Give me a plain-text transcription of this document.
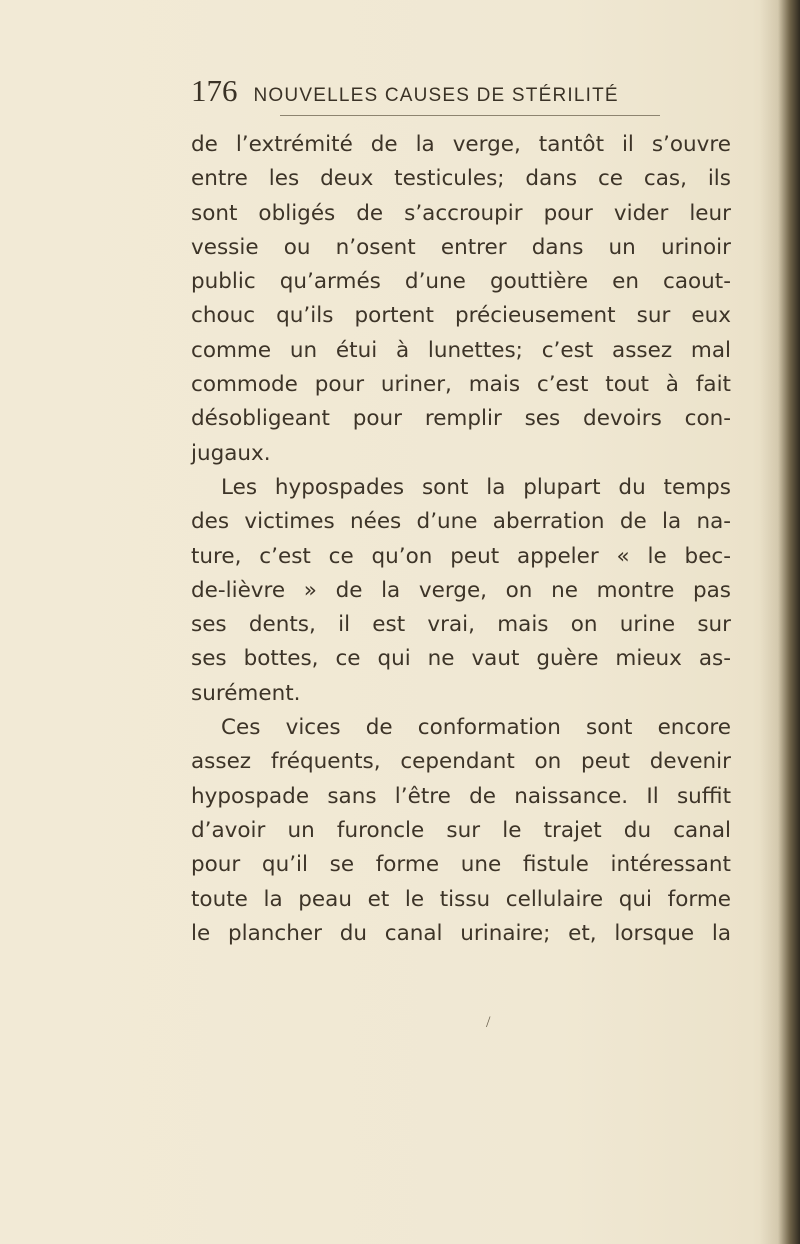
176 NOUVELLES CAUSES DE STÉRILITÉ
de l’extrémité de la verge, tantôt il s’ouvre
entre les deux testicules; dans ce cas, ils
sont obligés de s’accroupir pour vider leur
vessie ou n’osent entrer dans un urinoir
public qu’armés d’une gouttière en caout-
chouc qu’ils portent précieusement sur eux
comme un étui à lunettes; c’est assez mal
commode pour uriner, mais c’est tout à fait
désobligeant pour remplir ses devoirs con-
jugaux.
Les hypospades sont la plupart du temps
des victimes nées d’une aberration de la na-
ture, c’est ce qu’on peut appeler « le bec-
de-lièvre » de la verge, on ne montre pas
ses dents, il est vrai, mais on urine sur
ses bottes, ce qui ne vaut guère mieux as-
surément.
Ces vices de conformation sont encore
assez fréquents, cependant on peut devenir
hypospade sans l’être de naissance. Il suffit
d’avoir un furoncle sur le trajet du canal
pour qu’il se forme une fistule intéressant
toute la peau et le tissu cellulaire qui forme
le plancher du canal urinaire; et, lorsque la
/
